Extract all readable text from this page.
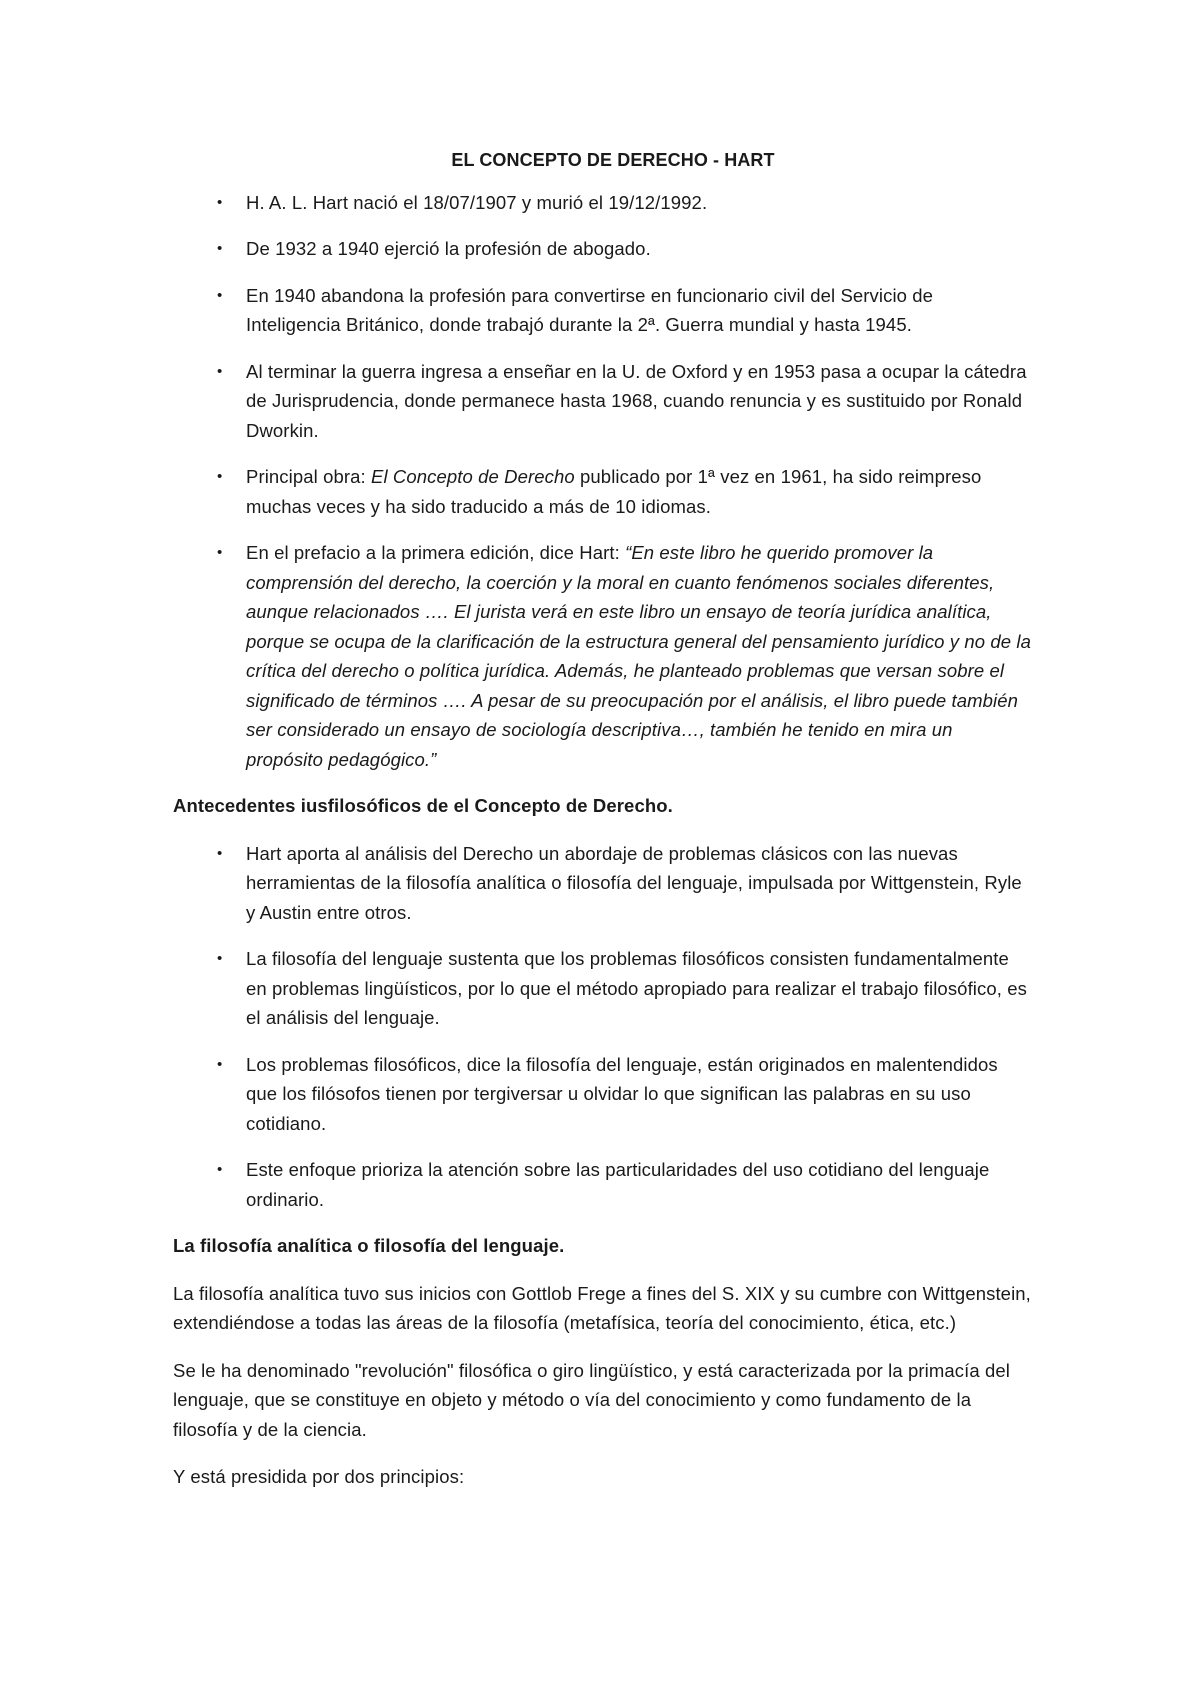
EL CONCEPTO DE DERECHO - HART
• H. A. L. Hart nació el 18/07/1907 y murió el 19/12/1992.
• De 1932 a 1940 ejerció la profesión de abogado.
• En 1940 abandona la profesión para convertirse en funcionario civil del Servicio de Inteligencia Británico, donde trabajó durante la 2ª. Guerra mundial y hasta 1945.
• Al terminar la guerra ingresa a enseñar en la U. de Oxford y en 1953 pasa a ocupar la cátedra de Jurisprudencia, donde permanece hasta 1968, cuando renuncia y es sustituido por Ronald Dworkin.
• Principal obra: El Concepto de Derecho publicado por 1ª vez en 1961, ha sido reimpreso muchas veces y ha sido traducido a más de 10 idiomas.
• En el prefacio a la primera edición, dice Hart: “En este libro he querido promover la comprensión del derecho, la coerción y la moral en cuanto fenómenos sociales diferentes, aunque relacionados …. El jurista verá en este libro un ensayo de teoría jurídica analítica, porque se ocupa de la clarificación de la estructura general del pensamiento jurídico y no de la crítica del derecho o política jurídica. Además, he planteado problemas que versan sobre el significado de términos …. A pesar de su preocupación por el análisis, el libro puede también ser considerado un ensayo de sociología descriptiva…, también he tenido en mira un propósito pedagógico.”
Antecedentes iusfilosóficos de el Concepto de Derecho.
• Hart aporta al análisis del Derecho un abordaje de problemas clásicos con las nuevas herramientas de la filosofía analítica o filosofía del lenguaje, impulsada por Wittgenstein, Ryle y Austin entre otros.
• La filosofía del lenguaje sustenta que los problemas filosóficos consisten fundamentalmente en problemas lingüísticos, por lo que el método apropiado para realizar el trabajo filosófico, es el análisis del lenguaje.
• Los problemas filosóficos, dice la filosofía del lenguaje, están originados en malentendidos que los filósofos tienen por tergiversar u olvidar lo que significan las palabras en su uso cotidiano.
• Este enfoque prioriza la atención sobre las particularidades del uso cotidiano del lenguaje ordinario.
La filosofía analítica o filosofía del lenguaje.

La filosofía analítica tuvo sus inicios con Gottlob Frege a fines del S. XIX y su cumbre con Wittgenstein, extendiéndose a todas las áreas de la filosofía (metafísica, teoría del conocimiento, ética, etc.)

Se le ha denominado "revolución" filosófica o giro lingüístico, y está caracterizada por la primacía del lenguaje, que se constituye en objeto y método o vía del conocimiento y como fundamento de la filosofía y de la ciencia.

Y está presidida por dos principios:
